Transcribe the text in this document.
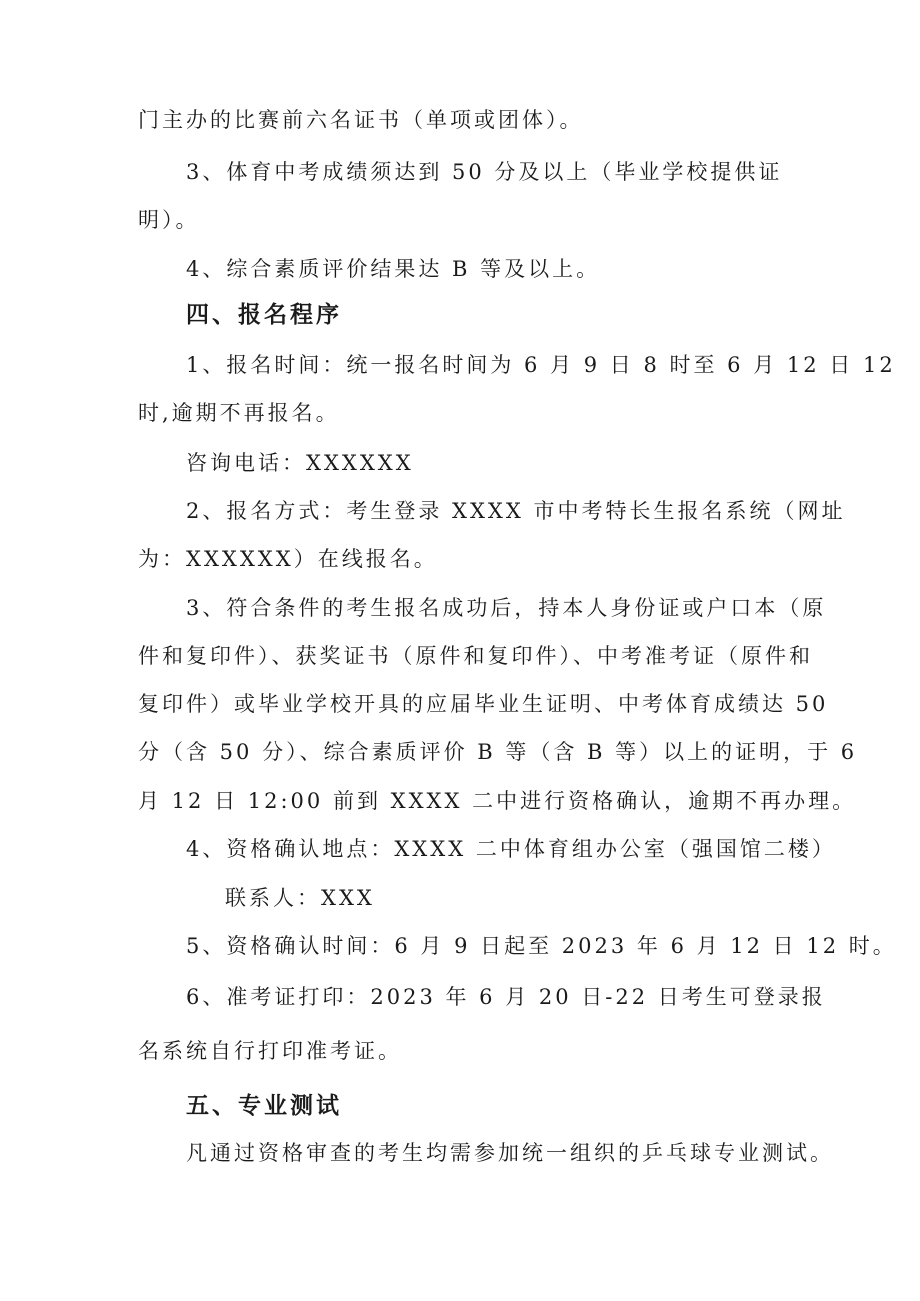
门主办的比赛前六名证书（单项或团体）。
3、体育中考成绩须达到 50 分及以上（毕业学校提供证
明）。
4、综合素质评价结果达 B 等及以上。
四、报名程序
1、报名时间：统一报名时间为 6 月 9 日 8 时至 6 月 12 日 12
时,逾期不再报名。
咨询电话：XXXXXX
2、报名方式：考生登录 XXXX 市中考特长生报名系统（网址
为：XXXXXX）在线报名。
3、符合条件的考生报名成功后，持本人身份证或户口本（原
件和复印件）、获奖证书（原件和复印件）、中考准考证（原件和
复印件）或毕业学校开具的应届毕业生证明、中考体育成绩达 50
分（含 50 分）、综合素质评价 B 等（含 B 等）以上的证明，于 6
月 12 日 12:00 前到 XXXX 二中进行资格确认，逾期不再办理。
4、资格确认地点：XXXX 二中体育组办公室（强国馆二楼）
联系人：XXX
5、资格确认时间：6 月 9 日起至 2023 年 6 月 12 日 12 时。
6、准考证打印：2023 年 6 月 20 日-22 日考生可登录报
名系统自行打印准考证。
五、专业测试
凡通过资格审查的考生均需参加统一组织的乒乓球专业测试。
